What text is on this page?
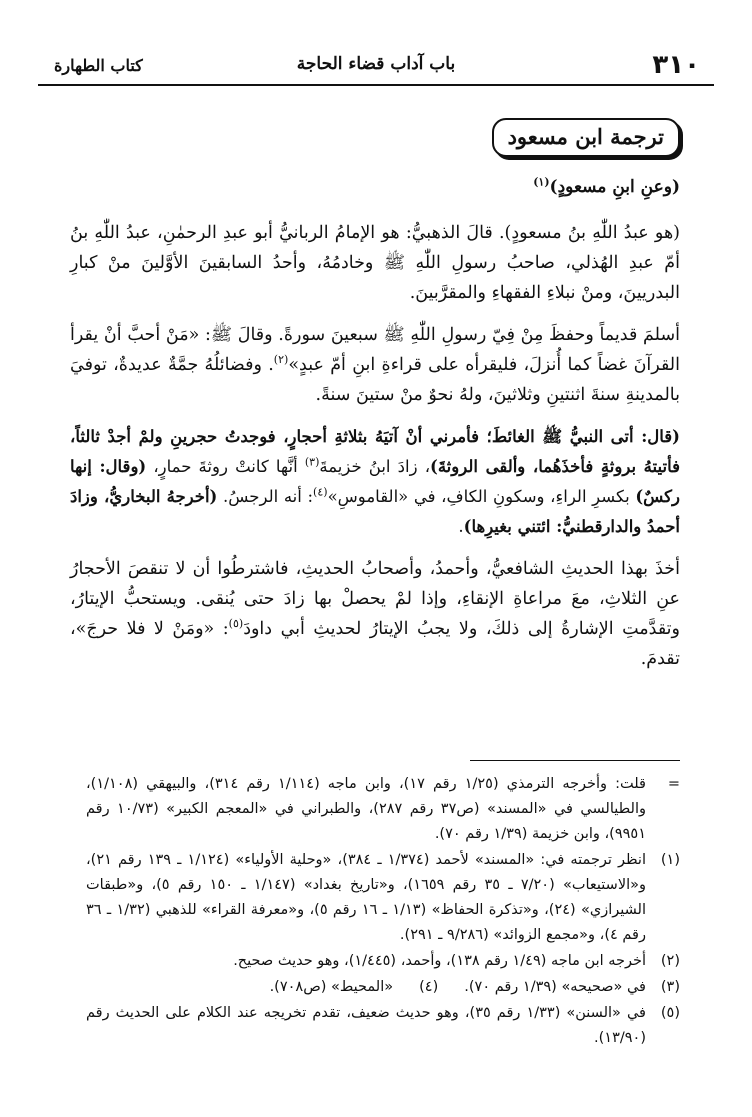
٣١٠
باب آداب قضاء الحاجة
كتاب الطهارة
ترجمة ابن مسعود

(وعنِ ابنِ مسعودٍ)$^{(١)}$

(هو عبدُ اللّٰهِ بنُ مسعودٍ). قالَ الذهبيُّ: هو الإمامُ الربانيُّ أبو عبدِ الرحمٰنِ، عبدُ اللّٰهِ بنُ أمّ عبدِ الهُذلي، صاحبُ رسولِ اللّٰهِ ﷺ وخادمُهُ، وأحدُ السابقينَ الأوَّلينَ منْ كبارِ البدريينَ، ومنْ نبلاءِ الفقهاءِ والمقرَّبينَ.

أسلمَ قديماً وحفظَ مِنْ فِيّ رسولِ اللّٰهِ ﷺ سبعينَ سورةً. وقالَ ﷺ: «مَنْ أحبَّ أنْ يقرأ القرآنَ غضاً كما أُنزلَ، فليقرأه على قراءةِ ابنِ أمّ عبدٍ»$^{(٢)}$. وفضائلُهُ جمَّةٌ عديدةٌ، توفيَ بالمدينةِ سنةَ اثنتينِ وثلاثينَ، ولهُ نحوٌ منْ ستينَ سنةً.

(قال: أتى النبيُّ ﷺ الغائطَ؛ فأمرني أنْ آتيَهُ بثلاثةِ أحجارٍ، فوجدتُ حجرينِ ولمْ أجدْ ثالثاً، فأتيتهُ بروثةٍ فأخذَهُما، وألقى الروثةَ)، زادَ ابنُ خزيمةَ$^{(٣)}$ أنَّها كانتْ روثةَ حمارٍ، (وقال: إنها ركسٌ) بكسرِ الراءِ، وسكونِ الكافِ، في «القاموسِ»$^{(٤)}$: أنه الرجسُ. (أخرجهُ البخاريُّ، وزادَ أحمدُ والدارقطنيُّ: ائتني بغيرِها).

أخذَ بهذا الحديثِ الشافعيُّ، وأحمدُ، وأصحابُ الحديثِ، فاشترطُوا أن لا تنقصَ الأحجارُ عنِ الثلاثِ، معَ مراعاةِ الإنقاءِ، وإذا لمْ يحصلْ بها زادَ حتى يُنقى. ويستحبُّ الإيتارُ، وتقدَّمتِ الإشارةُ إلى ذلكَ، ولا يجبُ الإيتارُ لحديثِ أبي داودَ$^{(٥)}$: «ومَنْ لا فلا حرجَ»، تقدمَ.

=
قلت: وأخرجه الترمذي (١/٢٥ رقم ١٧)، وابن ماجه (١/١١٤ رقم ٣١٤)، والبيهقي (١/١٠٨)، والطيالسي في «المسند» (ص٣٧ رقم ٢٨٧)، والطبراني في «المعجم الكبير» (١٠/٧٣ رقم ٩٩٥١)، وابن خزيمة (١/٣٩ رقم ٧٠).
(١)
انظر ترجمته في: «المسند» لأحمد (١/٣٧٤ ـ ٣٨٤)، «وحلية الأولياء» (١/١٢٤ ـ ١٣٩ رقم ٢١)، و«الاستيعاب» (٧/٢٠ ـ ٣٥ رقم ١٦٥٩)، و«تاريخ بغداد» (١/١٤٧ ـ ١٥٠ رقم ٥)، و«طبقات الشيرازي» (٢٤)، و«تذكرة الحفاظ» (١/١٣ ـ ١٦ رقم ٥)، و«معرفة القراء» للذهبي (١/٣٢ ـ ٣٦ رقم ٤)، و«مجمع الزوائد» (٩/٢٨٦ ـ ٢٩١).
(٢)
أخرجه ابن ماجه (١/٤٩ رقم ١٣٨)، وأحمد، (١/٤٤٥)، وهو حديث صحيح.
(٣)
في «صحيحه» (١/٣٩ رقم ٧٠).(٤)«المحيط» (ص٧٠٨).
(٥)
في «السنن» (١/٣٣ رقم ٣٥)، وهو حديث ضعيف، تقدم تخريجه عند الكلام على الحديث رقم (١٣/٩٠).
